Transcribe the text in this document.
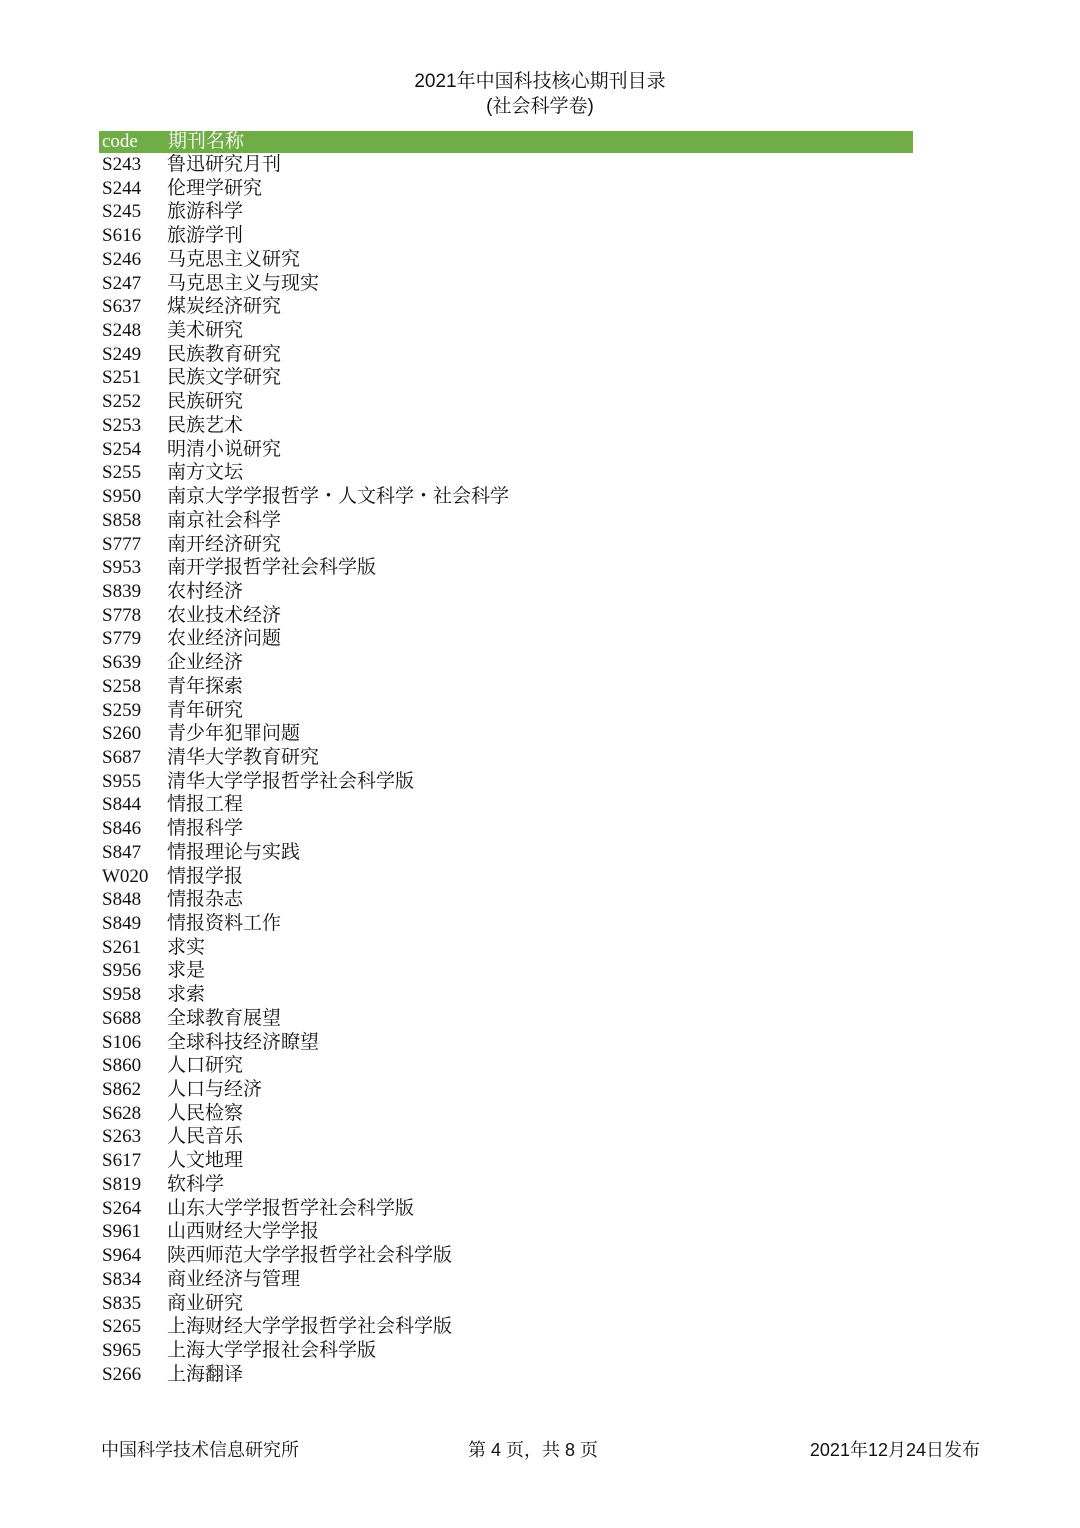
2021年中国科技核心期刊目录
(社会科学卷)
code 期刊名称
S243 鲁迅研究月刊
S244 伦理学研究
S245 旅游科学
S616 旅游学刊
S246 马克思主义研究
S247 马克思主义与现实
S637 煤炭经济研究
S248 美术研究
S249 民族教育研究
S251 民族文学研究
S252 民族研究
S253 民族艺术
S254 明清小说研究
S255 南方文坛
S950 南京大学学报哲学・人文科学・社会科学
S858 南京社会科学
S777 南开经济研究
S953 南开学报哲学社会科学版
S839 农村经济
S778 农业技术经济
S779 农业经济问题
S639 企业经济
S258 青年探索
S259 青年研究
S260 青少年犯罪问题
S687 清华大学教育研究
S955 清华大学学报哲学社会科学版
S844 情报工程
S846 情报科学
S847 情报理论与实践
W020 情报学报
S848 情报杂志
S849 情报资料工作
S261 求实
S956 求是
S958 求索
S688 全球教育展望
S106 全球科技经济瞭望
S860 人口研究
S862 人口与经济
S628 人民检察
S263 人民音乐
S617 人文地理
S819 软科学
S264 山东大学学报哲学社会科学版
S961 山西财经大学学报
S964 陕西师范大学学报哲学社会科学版
S834 商业经济与管理
S835 商业研究
S265 上海财经大学学报哲学社会科学版
S965 上海大学学报社会科学版
S266 上海翻译
中国科学技术信息研究所	第 4 页，共 8 页	2021年12月24日发布
